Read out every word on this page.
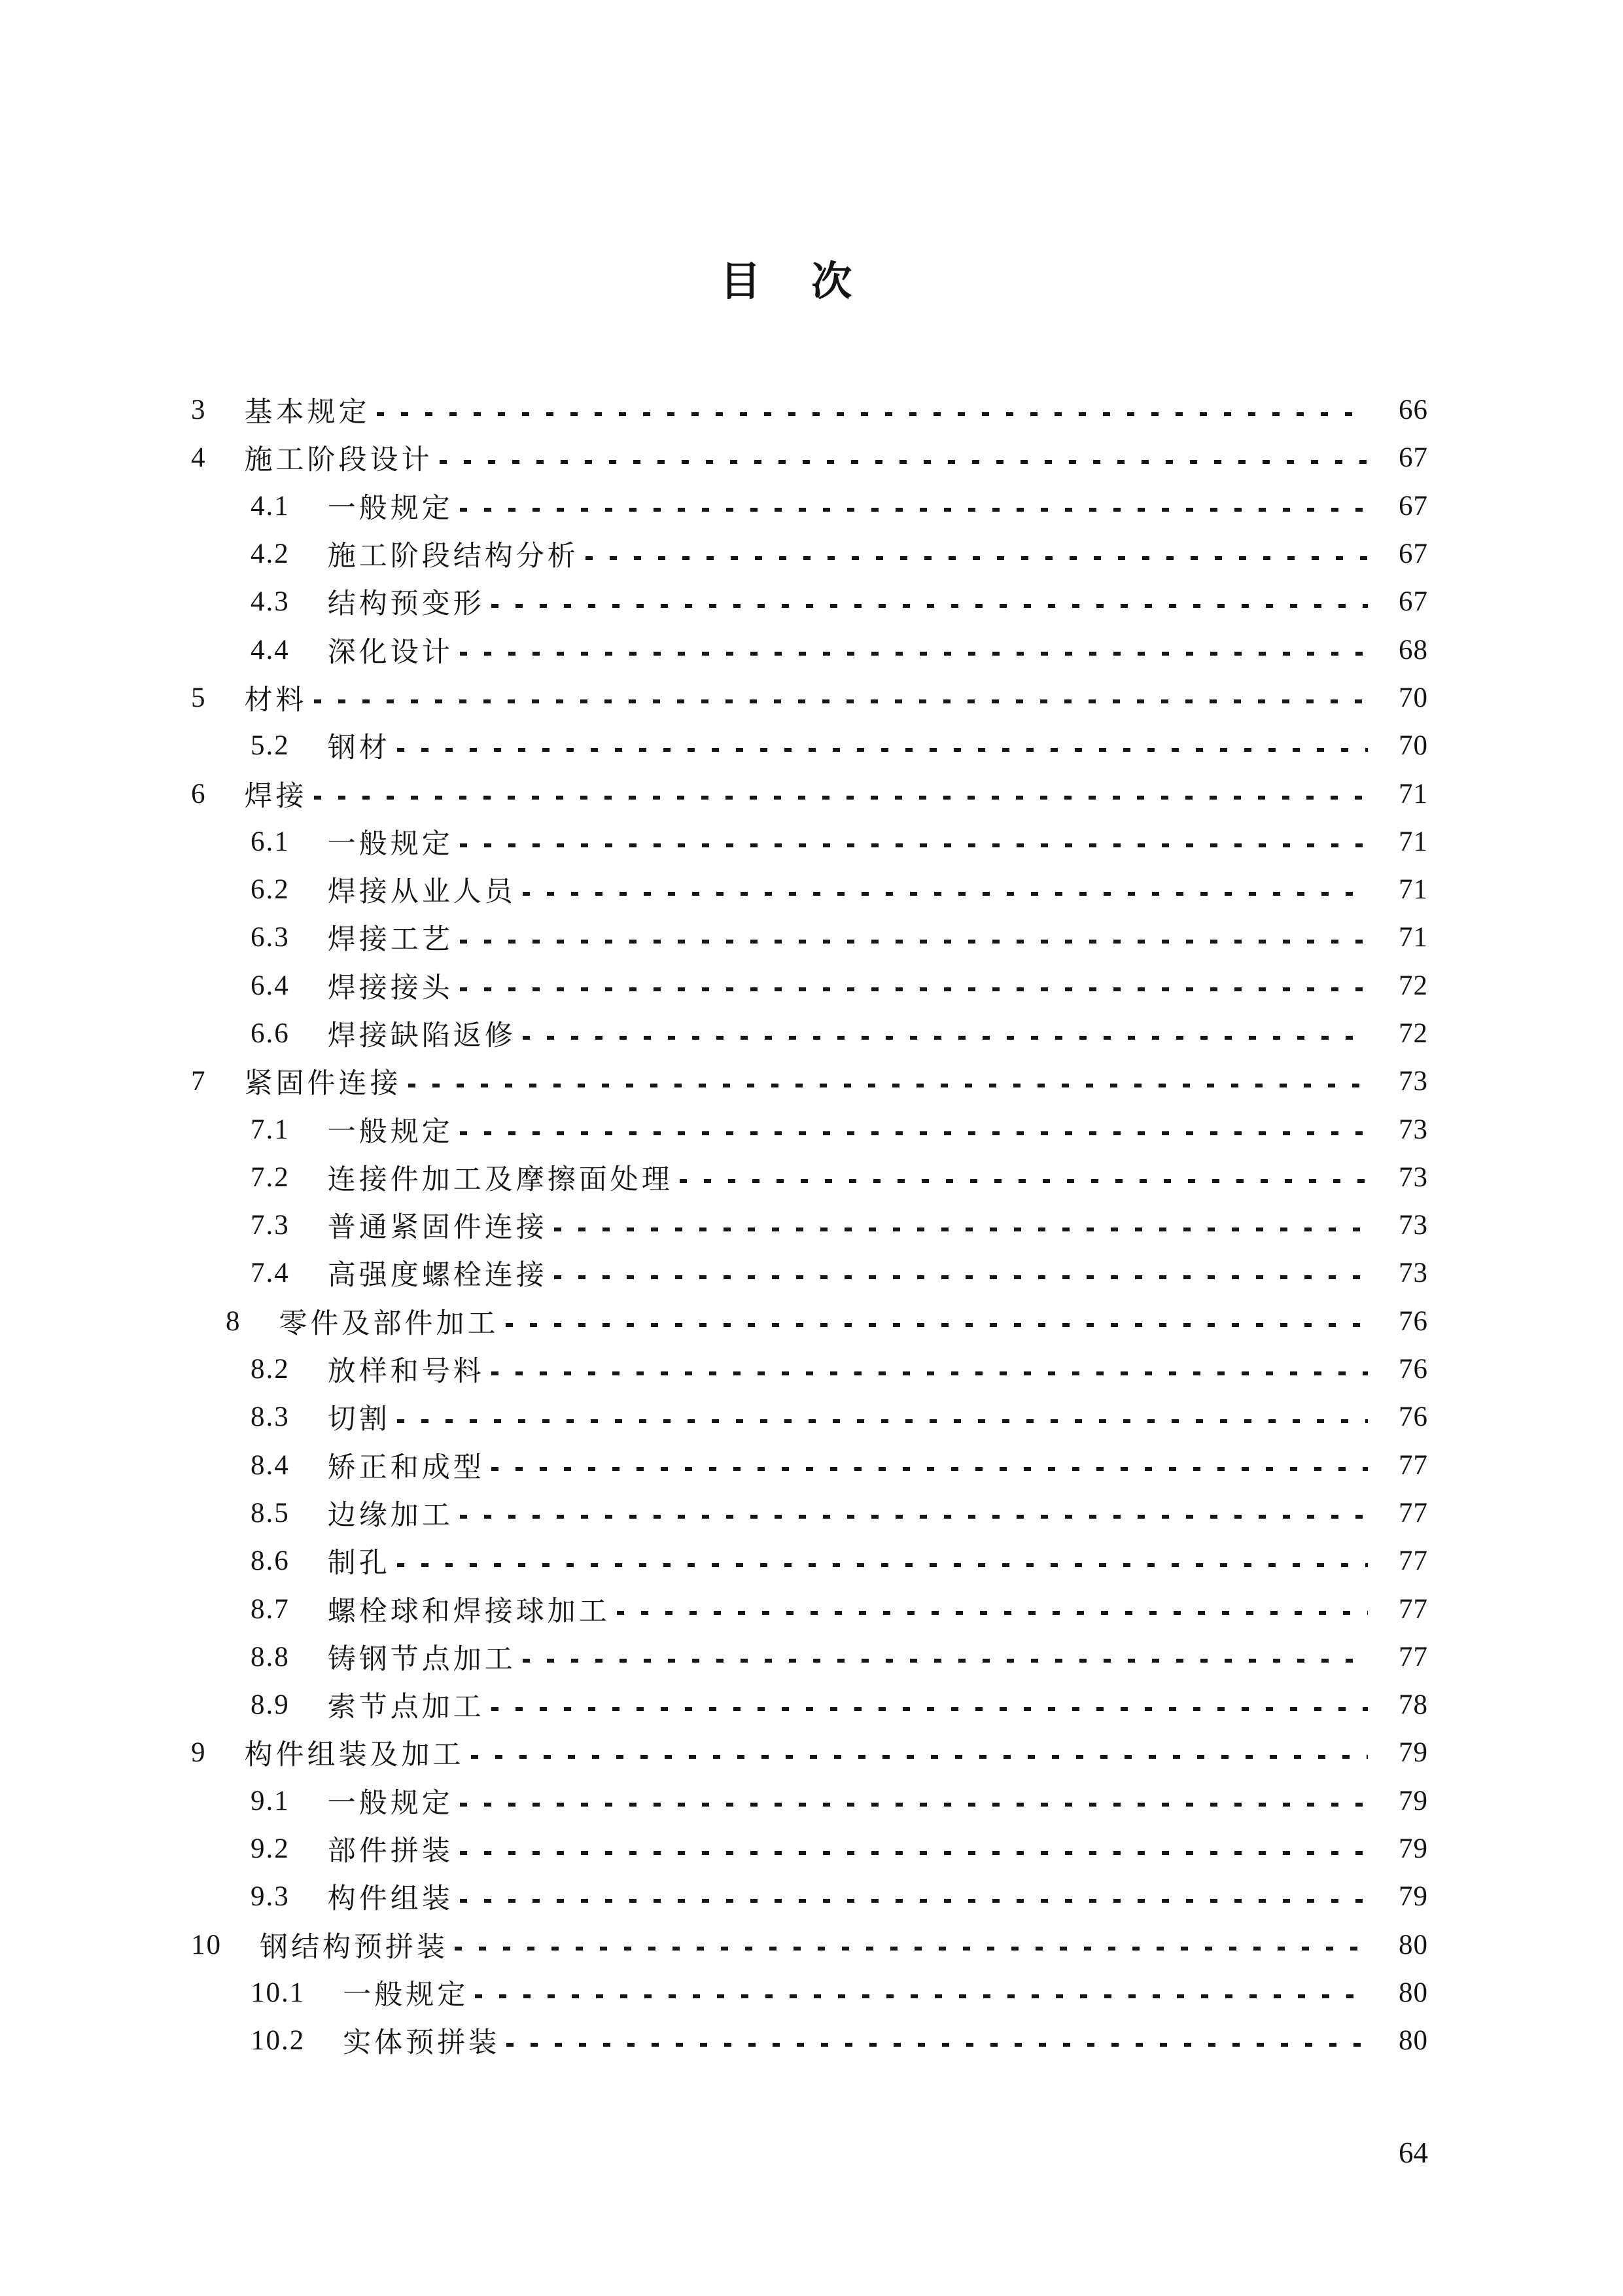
目 次
3 基本规定	66
4 施工阶段设计	67
4.1 一般规定	67
4.2 施工阶段结构分析	67
4.3 结构预变形	67
4.4 深化设计	68
5 材料	70
5.2 钢材	70
6 焊接	71
6.1 一般规定	71
6.2 焊接从业人员	71
6.3 焊接工艺	71
6.4 焊接接头	72
6.6 焊接缺陷返修	72
7 紧固件连接	73
7.1 一般规定	73
7.2 连接件加工及摩擦面处理	73
7.3 普通紧固件连接	73
7.4 高强度螺栓连接	73
8 零件及部件加工	76
8.2 放样和号料	76
8.3 切割	76
8.4 矫正和成型	77
8.5 边缘加工	77
8.6 制孔	77
8.7 螺栓球和焊接球加工	77
8.8 铸钢节点加工	77
8.9 索节点加工	78
9 构件组装及加工	79
9.1 一般规定	79
9.2 部件拼装	79
9.3 构件组装	79
10 钢结构预拼装	80
10.1 一般规定	80
10.2 实体预拼装	80
64
